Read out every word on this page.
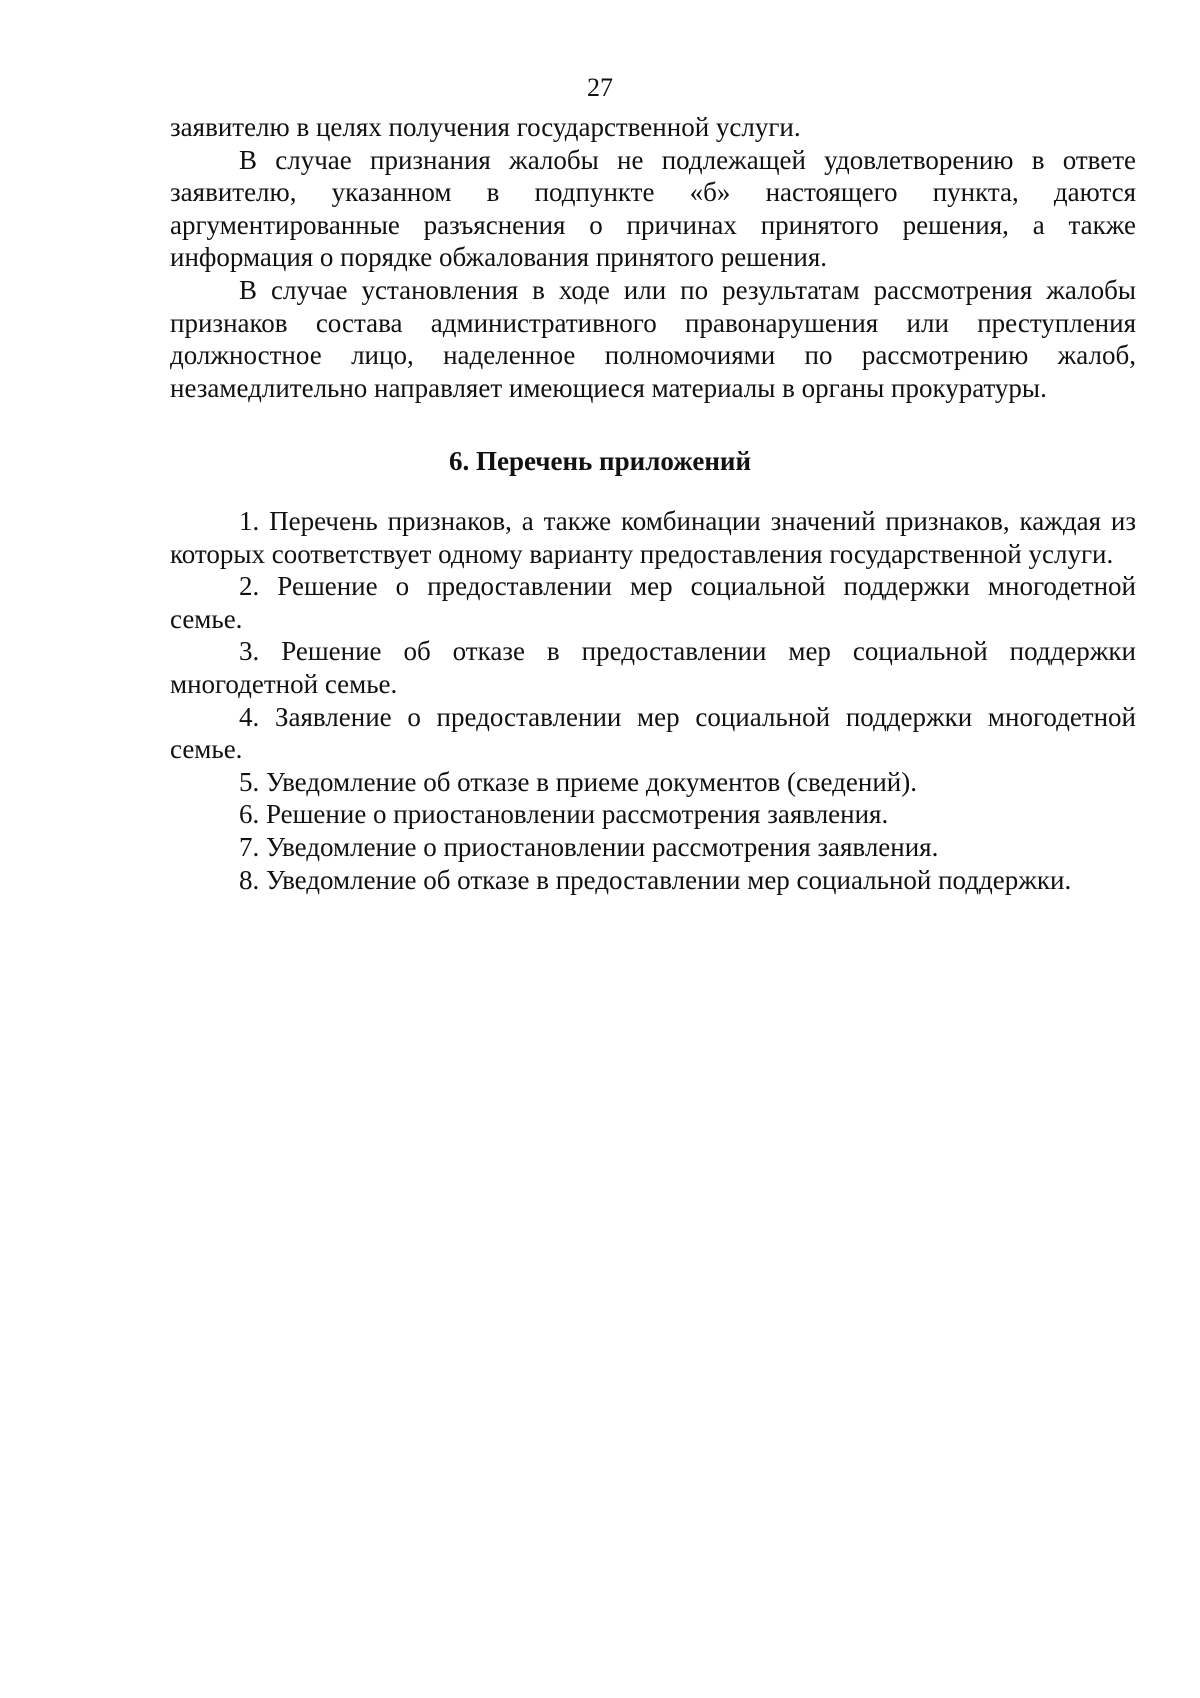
27

заявителю в целях получения государственной услуги.

В случае признания жалобы не подлежащей удовлетворению в ответе заявителю, указанном в подпункте «б» настоящего пункта, даются аргументированные разъяснения о причинах принятого решения, а также информация о порядке обжалования принятого решения.

В случае установления в ходе или по результатам рассмотрения жалобы признаков состава административного правонарушения или преступления должностное лицо, наделенное полномочиями по рассмотрению жалоб, незамедлительно направляет имеющиеся материалы в органы прокуратуры.

6. Перечень приложений

1. Перечень признаков, а также комбинации значений признаков, каждая из которых соответствует одному варианту предоставления государственной услуги.

2. Решение о предоставлении мер социальной поддержки многодетной семье.

3. Решение об отказе в предоставлении мер социальной поддержки многодетной семье.

4. Заявление о предоставлении мер социальной поддержки многодетной семье.

5. Уведомление об отказе в приеме документов (сведений).

6. Решение о приостановлении рассмотрения заявления.

7. Уведомление о приостановлении рассмотрения заявления.

8. Уведомление об отказе в предоставлении мер социальной поддержки.
